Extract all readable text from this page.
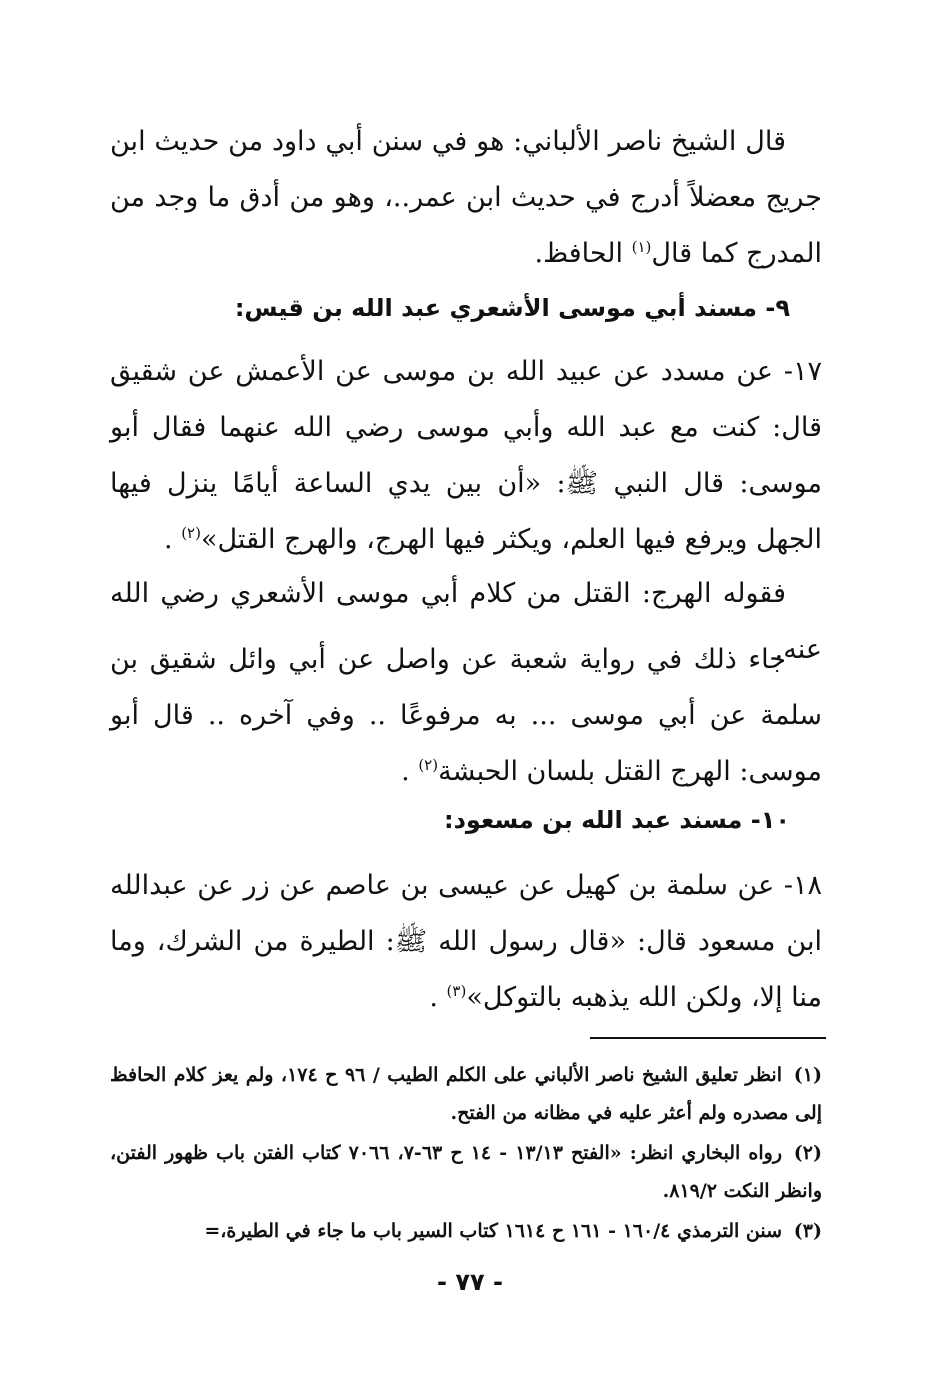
قال الشيخ ناصر الألباني: هو في سنن أبي داود من حديث ابن جريج معضلاً أدرج في حديث ابن عمر..، وهو من أدق ما وجد من المدرج كما قال$^{(١)}$ الحافظ.

٩- مسند أبي موسى الأشعري عبد الله بن قيس:

١٧- عن مسدد عن عبيد الله بن موسى عن الأعمش عن شقيق قال: كنت مع عبد الله وأبي موسى رضي الله عنهما فقال أبو موسى: قال النبي ﷺ: «أن بين يدي الساعة أيامًا ينزل فيها الجهل ويرفع فيها العلم، ويكثر فيها الهرج، والهرج القتل»$^{(٢)}$ .

فقوله الهرج: القتل من كلام أبي موسى الأشعري رضي الله عنه.

جاء ذلك في رواية شعبة عن واصل عن أبي وائل شقيق بن سلمة عن أبي موسى ... به مرفوعًا .. وفي آخره .. قال أبو موسى: الهرج القتل بلسان الحبشة$^{(٢)}$ .

١٠- مسند عبد الله بن مسعود:

١٨- عن سلمة بن كهيل عن عيسى بن عاصم عن زر عن عبدالله ابن مسعود قال: «قال رسول الله ﷺ: الطيرة من الشرك، وما منا إلا، ولكن الله يذهبه بالتوكل»$^{(٣)}$ .

(١)انظر تعليق الشيخ ناصر الألباني على الكلم الطيب / ٩٦ ح ١٧٤، ولم يعز كلام الحافظ إلى مصدره ولم أعثر عليه في مظانه من الفتح.

(٢)رواه البخاري انظر: «الفتح ١٣/١٣ - ١٤ ح ٦٣-٧، ٧٠٦٦ كتاب الفتن باب ظهور الفتن، وانظر النكت ٨١٩/٢.

(٣)سنن الترمذي ١٦٠/٤ - ١٦١ ح ١٦١٤ كتاب السير باب ما جاء في الطيرة،=

- ٧٧ -
